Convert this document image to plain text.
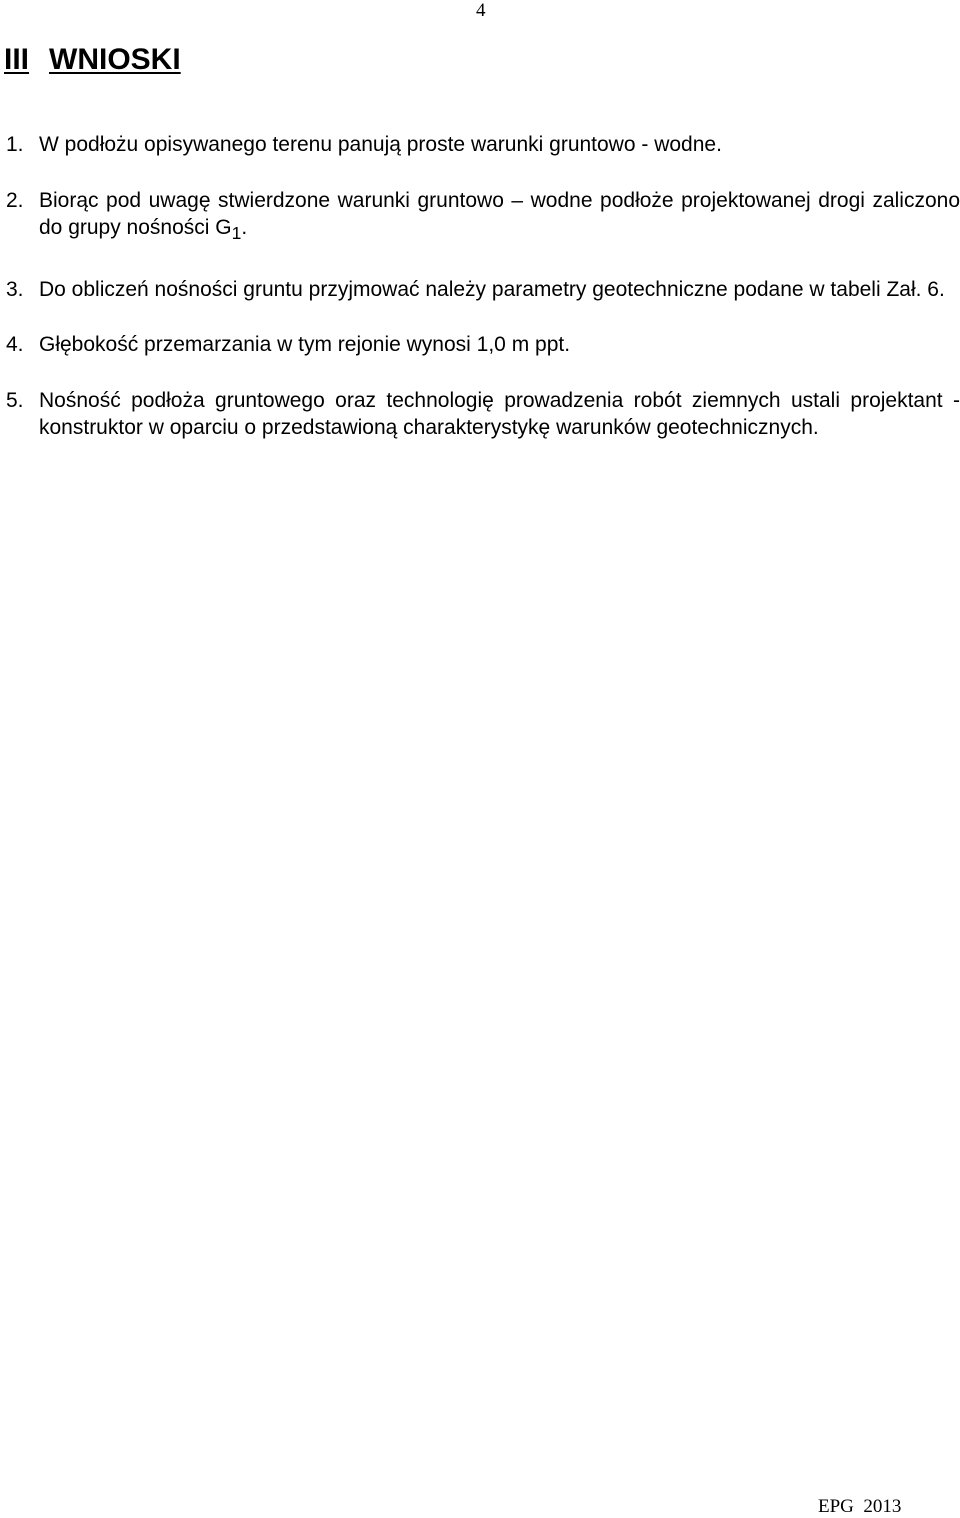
4
III WNIOSKI
1. W podłożu opisywanego terenu panują proste warunki gruntowo - wodne.
2. Biorąc pod uwagę stwierdzone warunki gruntowo – wodne podłoże projektowanej drogi zaliczono do grupy nośności $G_1$.
3. Do obliczeń nośności gruntu przyjmować należy parametry geotechniczne podane w tabeli Zał. 6.
4. Głębokość przemarzania w tym rejonie wynosi 1,0 m ppt.
5. Nośność podłoża gruntowego oraz technologię prowadzenia robót ziemnych ustali projektant - konstruktor w oparciu o przedstawioną charakterystykę warunków geotechnicznych.
EPG  2013
